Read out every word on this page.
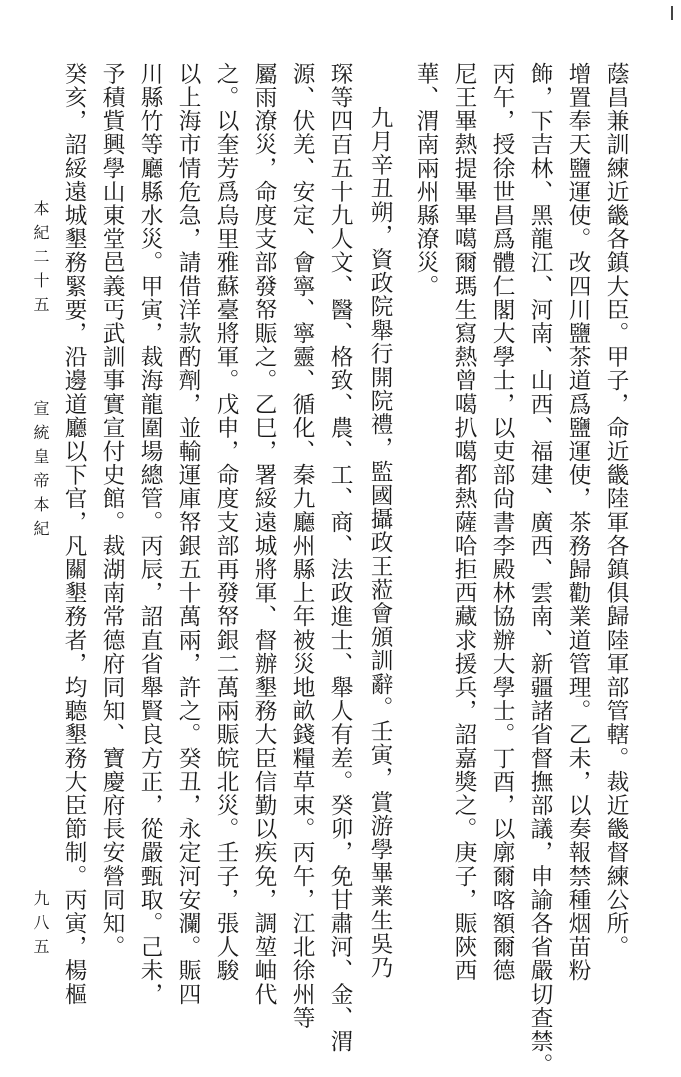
蔭昌兼訓練近畿各鎮大臣。甲子，命近畿陸軍各鎮俱歸陸軍部管轄。裁近畿督練公所。
增置奉天鹽運使。改四川鹽茶道爲鹽運使，茶務歸勸業道管理。乙未，以奏報禁種烟苗粉
飾，下吉林、黑龍江、河南、山西、福建、廣西、雲南、新疆諸省督撫部議，申諭各省嚴切查禁。
丙午，授徐世昌爲體仁閣大學士，以吏部尙書李殿林協辦大學士。丁酉，以廓爾喀額爾德
尼王畢熱提畢畢噶爾瑪生寫熱曾噶扒噶都熱薩哈拒西藏求援兵，詔嘉獎之。庚子，賑陝西
華、渭南兩州縣潦災。
九月辛丑朔，資政院舉行開院禮，監國攝政王蒞會頒訓辭。壬寅，賞游學畢業生吳乃
琛等四百五十九人文、醫、格致、農、工、商、法政進士、舉人有差。癸卯，免甘肅河、金、渭
源、伏羌、安定、會寧、寧靈、循化、秦九廳州縣上年被災地畝錢糧草束。丙午，江北徐州等
屬雨潦災，命度支部發帑賑之。乙巳，署綏遠城將軍、督辦墾務大臣信勤以疾免，調堃岫代
之。以奎芳爲烏里雅蘇臺將軍。戊申，命度支部再發帑銀二萬兩賑皖北災。壬子，張人駿
以上海市情危急，請借洋款酌劑，並輸運庫帑銀五十萬兩，許之。癸丑，永定河安瀾。賑四
川縣竹等廳縣水災。甲寅，裁海龍圍場總管。丙辰，詔直省舉賢良方正，從嚴甄取。己未，
予積貲興學山東堂邑義丐武訓事實宣付史館。裁湖南常德府同知、寶慶府長安營同知。
癸亥，詔綏遠城墾務緊要，沿邊道廳以下官，凡關墾務者，均聽墾務大臣節制。丙寅，楊樞
本紀二十五
宣統皇帝本紀
九八五
